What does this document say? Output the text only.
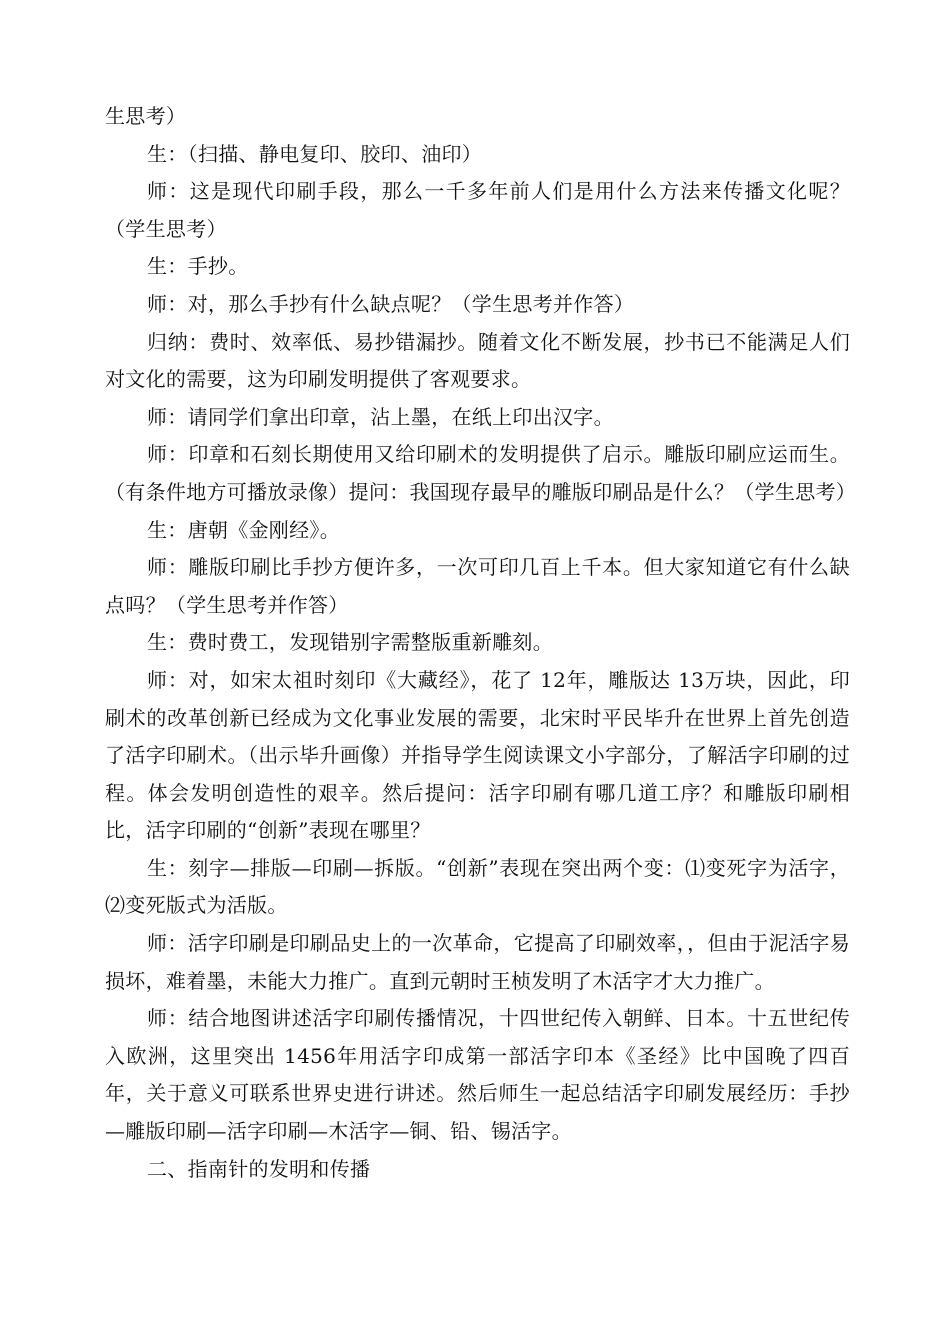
生思考）

生：（扫描、静电复印、胶印、油印）

师：这是现代印刷手段，那么一千多年前人们是用什么方法来传播文化呢？（学生思考）

生：手抄。

师：对，那么手抄有什么缺点呢？（学生思考并作答）

归纳：费时、效率低、易抄错漏抄。随着文化不断发展，抄书已不能满足人们对文化的需要，这为印刷发明提供了客观要求。

师：请同学们拿出印章，沾上墨，在纸上印出汉字。

师：印章和石刻长期使用又给印刷术的发明提供了启示。雕版印刷应运而生。（有条件地方可播放录像）提问：我国现存最早的雕版印刷品是什么？（学生思考）

生：唐朝《金刚经》。

师：雕版印刷比手抄方便许多，一次可印几百上千本。但大家知道它有什么缺点吗？（学生思考并作答）

生：费时费工，发现错别字需整版重新雕刻。

师：对，如宋太祖时刻印《大藏经》，花了 12年，雕版达 13万块，因此，印刷术的改革创新已经成为文化事业发展的需要，北宋时平民毕升在世界上首先创造了活字印刷术。（出示毕升画像）并指导学生阅读课文小字部分，了解活字印刷的过程。体会发明创造性的艰辛。然后提问：活字印刷有哪几道工序？和雕版印刷相比，活字印刷的“创新”表现在哪里？

生：刻字—排版—印刷—拆版。“创新”表现在突出两个变：⑴变死字为活字，⑵变死版式为活版。

师：活字印刷是印刷品史上的一次革命，它提高了印刷效率，，但由于泥活字易损坏，难着墨，未能大力推广。直到元朝时王桢发明了木活字才大力推广。

师：结合地图讲述活字印刷传播情况，十四世纪传入朝鲜、日本。十五世纪传入欧洲，这里突出 1456年用活字印成第一部活字印本《圣经》比中国晚了四百年，关于意义可联系世界史进行讲述。然后师生一起总结活字印刷发展经历：手抄—雕版印刷—活字印刷—木活字—铜、铅、锡活字。

二、指南针的发明和传播
